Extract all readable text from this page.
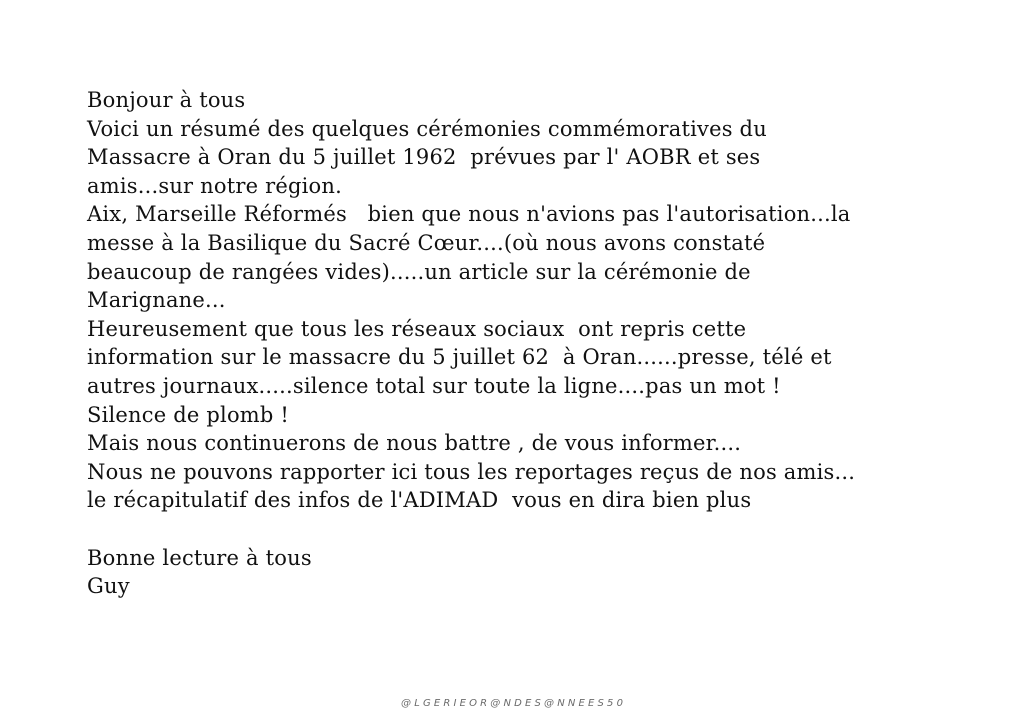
Bonjour à tous
Voici un résumé des quelques cérémonies commémoratives du
Massacre à Oran du 5 juillet 1962  prévues par l' AOBR et ses
amis...sur notre région.
Aix, Marseille Réformés   bien que nous n'avions pas l'autorisation...la
messe à la Basilique du Sacré Cœur....(où nous avons constaté
beaucoup de rangées vides).....un article sur la cérémonie de
Marignane...
Heureusement que tous les réseaux sociaux  ont repris cette
information sur le massacre du 5 juillet 62  à Oran......presse, télé et
autres journaux.....silence total sur toute la ligne....pas un mot !
Silence de plomb !
Mais nous continuerons de nous battre , de vous informer....
Nous ne pouvons rapporter ici tous les reportages reçus de nos amis...
le récapitulatif des infos de l'ADIMAD  vous en dira bien plus
Bonne lecture à tous
Guy
@ L G E R I E O R @ N D E S @ N N E E S 5 0
